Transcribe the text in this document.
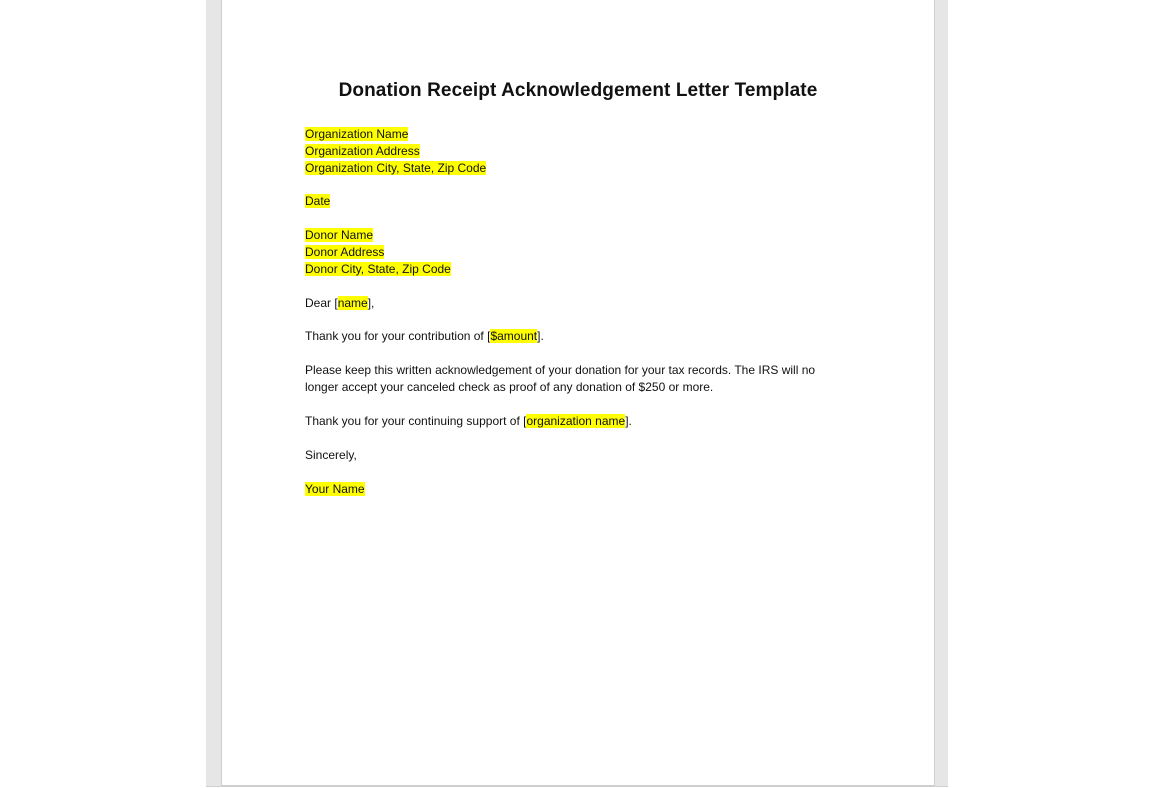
Donation Receipt Acknowledgement Letter Template
Organization Name
Organization Address
Organization City, State, Zip Code
Date
Donor Name
Donor Address
Donor City, State, Zip Code
Dear [name],
Thank you for your contribution of [$amount].
Please keep this written acknowledgement of your donation for your tax records. The IRS will no longer accept your canceled check as proof of any donation of $250 or more.
Thank you for your continuing support of [organization name].
Sincerely,
Your Name
